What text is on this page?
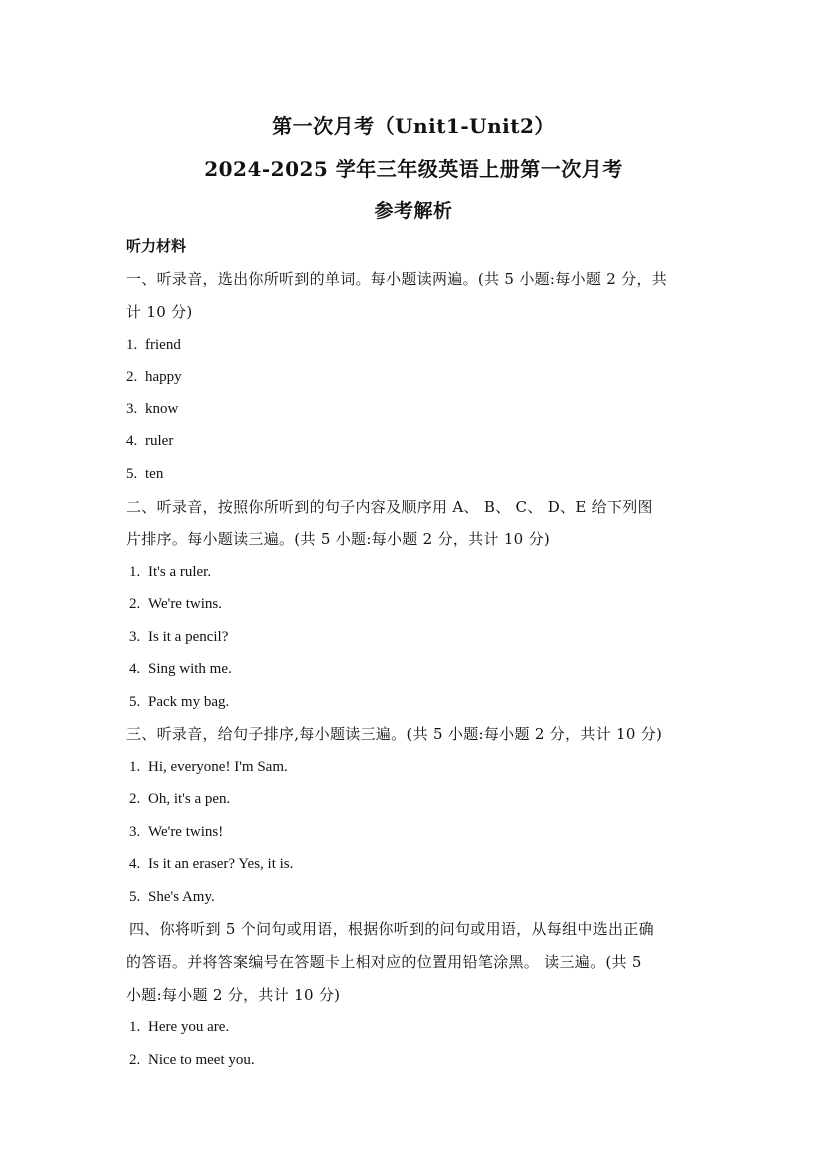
第一次月考（Unit1-Unit2）
2024-2025 学年三年级英语上册第一次月考
参考解析
听力材料
一、听录音，选出你所听到的单词。每小题读两遍。(共 5 小题:每小题 2 分，共
计 10 分)
1. friend
2. happy
3. know
4. ruler
5. ten
二、听录音，按照你所听到的句子内容及顺序用 A、 B、 C、 D、E 给下列图
片排序。每小题读三遍。(共 5 小题:每小题 2 分，共计 10 分)
1. It's a ruler.
2. We're twins.
3. Is it a pencil?
4. Sing with me.
5. Pack my bag.
三、听录音，给句子排序,每小题读三遍。(共 5 小题:每小题 2 分，共计 10 分)
1. Hi, everyone! I'm Sam.
2. Oh, it's a pen.
3. We're twins!
4. Is it an eraser? Yes, it is.
5. She's Amy.
四、你将听到 5 个问句或用语，根据你听到的问句或用语，从每组中选出正确
的答语。并将答案编号在答题卡上相对应的位置用铅笔涂黑。 读三遍。(共 5
小题:每小题 2 分，共计 10 分)
1. Here you are.
2. Nice to meet you.
